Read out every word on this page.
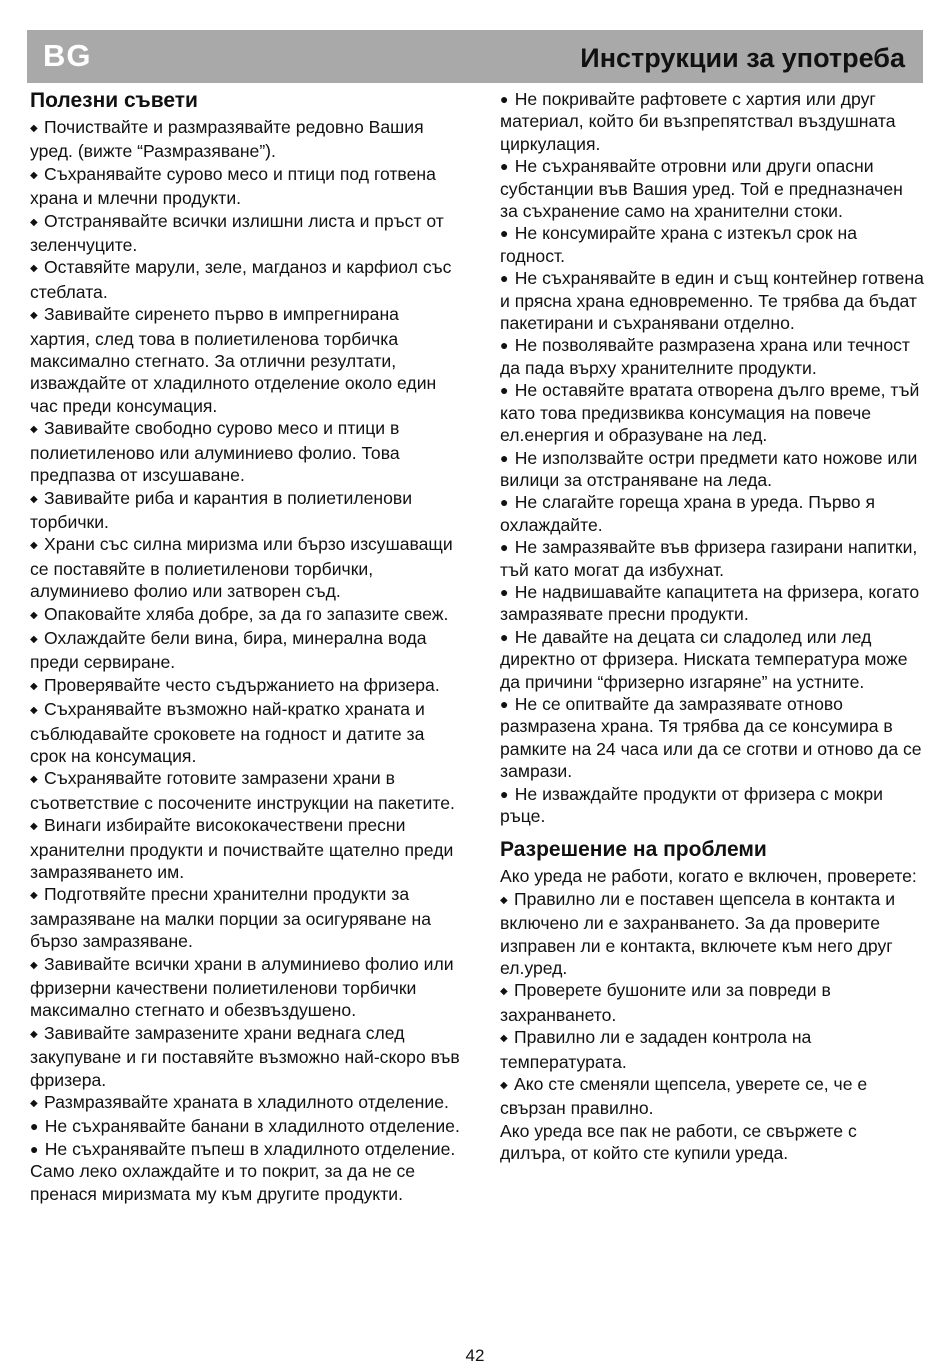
BG	Инструкции за употреба
Полезни съвети

◆ Почиствайте и размразявайте редовно Вашия уред. (вижте “Размразяване”).

◆ Съхранявайте сурово месо и птици под готвена храна и млечни продукти.

◆ Отстранявайте всички излишни листа и пръст от зеленчуците.

◆ Оставяйте марули, зеле, магданоз и карфиол със стеблата.

◆ Завивайте сиренето първо в импрегнирана хартия, след това в полиетиленова торбичка максимално стегнато. За отлични резултати, изваждайте от хладилното отделение около един час преди консумация.

◆ Завивайте свободно сурово месо и птици в полиетиленово или алуминиево фолио. Това предпазва от изсушаване.

◆ Завивайте риба и карантия в полиетиленови торбички.

◆ Храни със силна миризма или бързо изсушаващи се поставяйте в полиетиленови торбички, алуминиево фолио или затворен съд.

◆ Опаковайте хляба добре, за да го запазите свеж.

◆ Охлаждайте бели вина, бира, минерална вода преди сервиране.

◆ Проверявайте често съдържанието на фризера.

◆ Съхранявайте възможно най-кратко храната и съблюдавайте сроковете на годност и датите за срок на консумация.

◆ Съхранявайте готовите замразени храни в съответствие с посочените инструкции на пакетите.

◆ Винаги избирайте висококачествени пресни хранителни продукти и почиствайте щателно преди замразяването им.

◆ Подготвяйте пресни хранителни продукти за замразяване на малки порции за осигуряване на бързо замразяване.

◆ Завивайте всички храни в алуминиево фолио или фризерни качествени полиетиленови торбички максимално стегнато и обезвъздушено.

◆ Завивайте замразените храни веднага след закупуване и ги поставяйте възможно най-скоро във фризера.

◆ Размразявайте храната в хладилното отделение.

● Не съхранявайте банани в хладилното отделение.

● Не съхранявайте пъпеш в хладилното отделение. Само леко охлаждайте и то покрит, за да не се пренася миризмата му към другите продукти.

● Не покривайте рафтовете с хартия или друг материал, който би възпрепятствал въздушната циркулация.

● Не съхранявайте отровни или други опасни субстанции във Вашия уред. Той е предназначен за съхранение само на хранителни стоки.

● Не консумирайте храна с изтекъл срок на годност.

● Не съхранявайте в един и същ контейнер готвена и прясна храна едновременно. Те трябва да бъдат пакетирани и съхранявани отделно.

● Не позволявайте размразена храна или течност да пада върху хранителните продукти.

● Не оставяйте вратата отворена дълго време, тъй като това предизвиква консумация на повече ел.енергия и образуване на лед.

● Не използвайте остри предмети като ножове или вилици за отстраняване на леда.

● Не слагайте гореща храна в уреда. Първо я охлаждайте.

● Не замразявайте във фризера газирани напитки, тъй като могат да избухнат.

● Не надвишавайте капацитета на фризера, когато замразявате пресни продукти.

● Не давайте на децата си сладолед или лед директно от фризера. Ниската температура може да причини “фризерно изгаряне” на устните.

● Не се опитвайте да замразявате отново размразена храна. Тя трябва да се консумира в рамките на 24 часа или да се сготви и отново да се замрази.

● Не изваждайте продукти от фризера с мокри ръце.

Разрешение на проблеми

Ако уреда не работи, когато е включен, проверете:

◆ Правилно ли е поставен щепсела в контакта и включено ли е захранването. За да проверите изправен ли е контакта, включете към него друг ел.уред.

◆ Проверете бушоните или за повреди в захранването.

◆ Правилно ли е зададен контрола на температурата.

◆ Ако сте сменяли щепсела, уверете се, че е свързан правилно.

Ако уреда все пак не работи, се свържете с дилъра, от който сте купили уреда.

42
